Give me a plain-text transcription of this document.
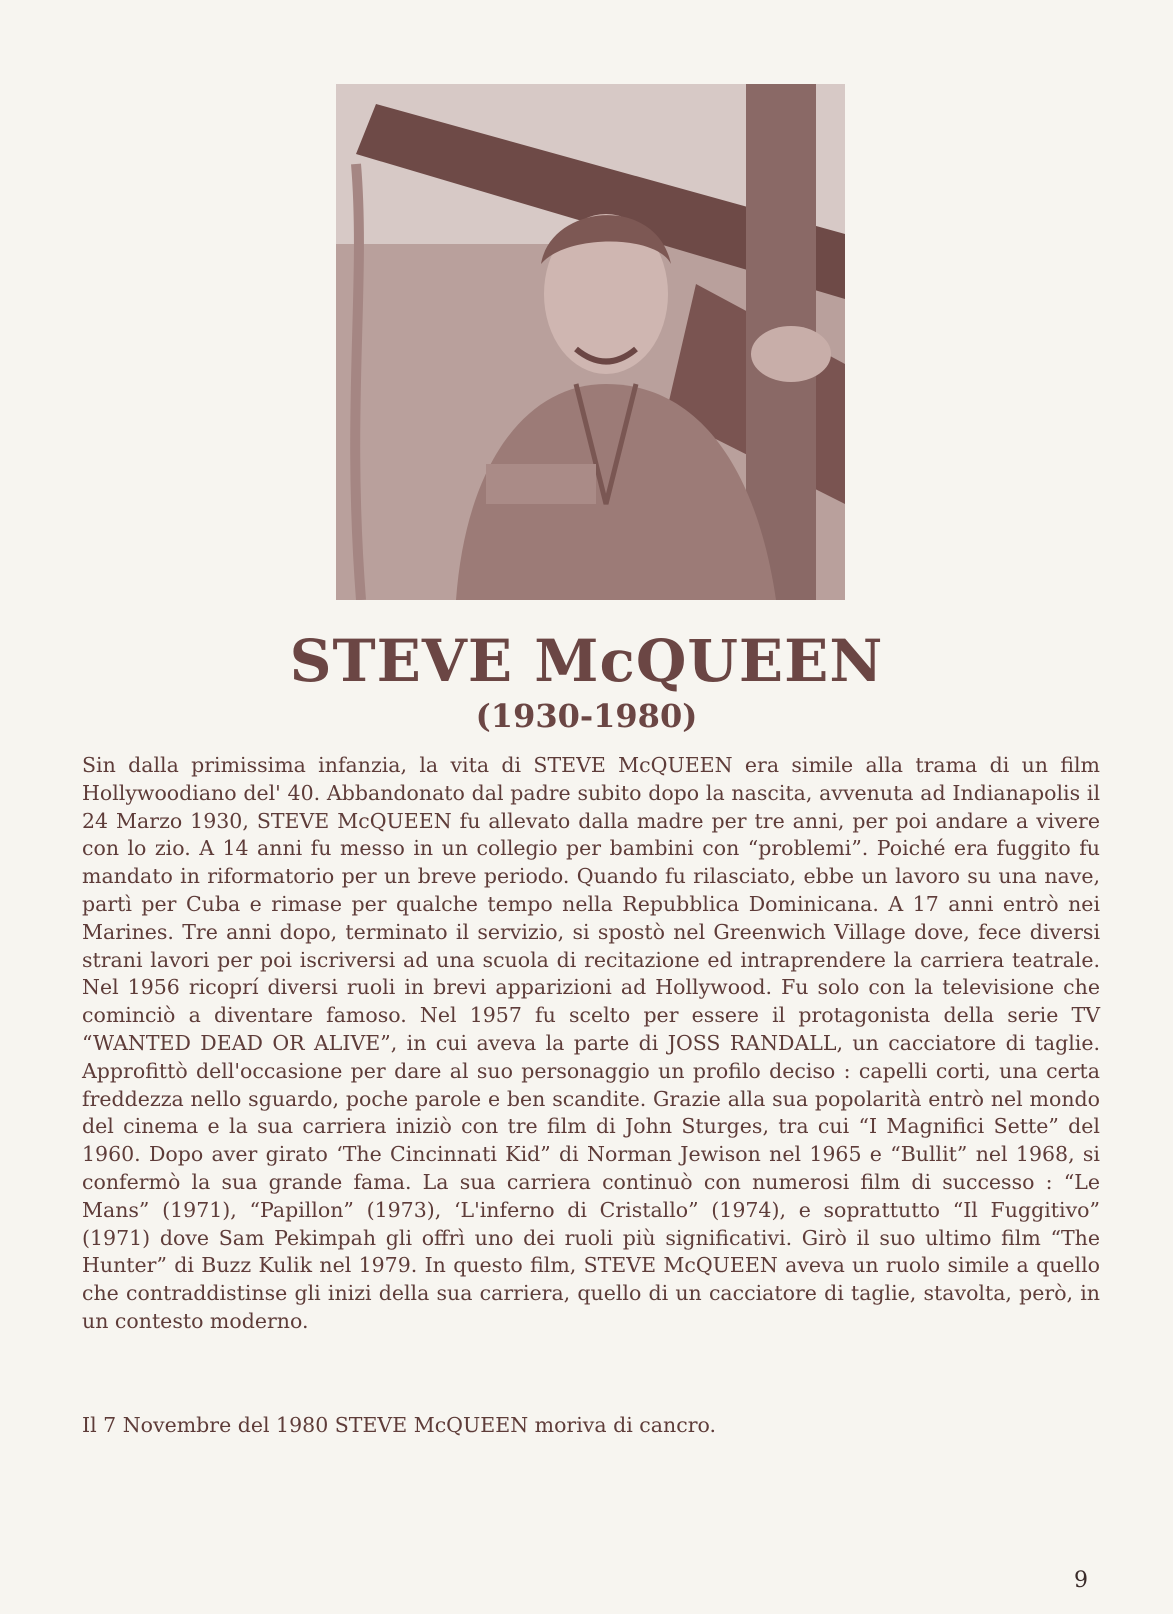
STEVE McQUEEN
(1930-1980)

Sin dalla primissima infanzia, la vita di STEVE McQUEEN era simile alla trama di un film Hollywoodiano del' 40. Abbandonato dal padre subito dopo la nascita, avvenuta ad Indianapolis il 24 Marzo 1930, STEVE McQUEEN fu allevato dalla madre per tre anni, per poi andare a vivere con lo zio. A 14 anni fu messo in un collegio per bambini con “problemi”. Poiché era fuggito fu mandato in riformatorio per un breve periodo. Quando fu rilasciato, ebbe un lavoro su una nave, partì per Cuba e rimase per qualche tempo nella Repubblica Dominicana. A 17 anni entrò nei Marines. Tre anni dopo, terminato il servizio, si spostò nel Greenwich Village dove, fece diversi strani lavori per poi iscriversi ad una scuola di recitazione ed intraprendere la carriera teatrale. Nel 1956 ricoprí diversi ruoli in brevi apparizioni ad Hollywood. Fu solo con la televisione che cominciò a diventare famoso. Nel 1957 fu scelto per essere il protagonista della serie TV “WANTED DEAD OR ALIVE”, in cui aveva la parte di JOSS RANDALL, un cacciatore di taglie. Approfittò dell'occasione per dare al suo personaggio un profilo deciso : capelli corti, una certa freddezza nello sguardo, poche parole e ben scandite. Grazie alla sua popolarità entrò nel mondo del cinema e la sua carriera iniziò con tre film di John Sturges, tra cui “I Magnifici Sette” del 1960. Dopo aver girato ‘The Cincinnati Kid” di Norman Jewison nel 1965 e “Bullit” nel 1968, si confermò la sua grande fama. La sua carriera continuò con numerosi film di successo : “Le Mans” (1971), “Papillon” (1973), ‘L'inferno di Cristallo” (1974), e soprattutto “Il Fuggitivo” (1971) dove Sam Pekimpah gli offrì uno dei ruoli più significativi. Girò il suo ultimo film “The Hunter” di Buzz Kulik nel 1979. In questo film, STEVE McQUEEN aveva un ruolo simile a quello che contraddistinse gli inizi della sua carriera, quello di un cacciatore di taglie, stavolta, però, in un contesto moderno.

Il 7 Novembre del 1980 STEVE McQUEEN moriva di cancro.

9
